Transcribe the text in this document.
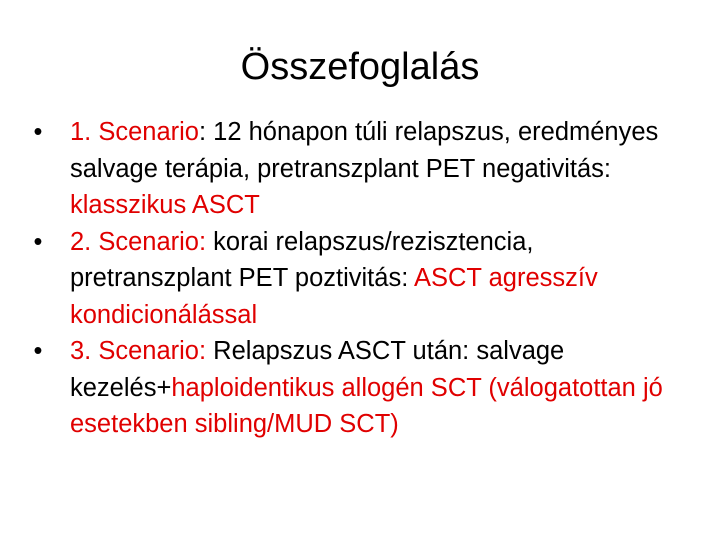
Összefoglalás
• 1. Scenario: 12 hónapon túli relapszus, eredményes salvage terápia, pretranszplant PET negativitás: klasszikus ASCT
• 2. Scenario: korai relapszus/rezisztencia, pretranszplant PET poztivitás: ASCT agresszív kondicionálással
• 3. Scenario: Relapszus ASCT után: salvage kezelés+haploidentikus allogén SCT (válogatottan jó esetekben sibling/MUD SCT)
